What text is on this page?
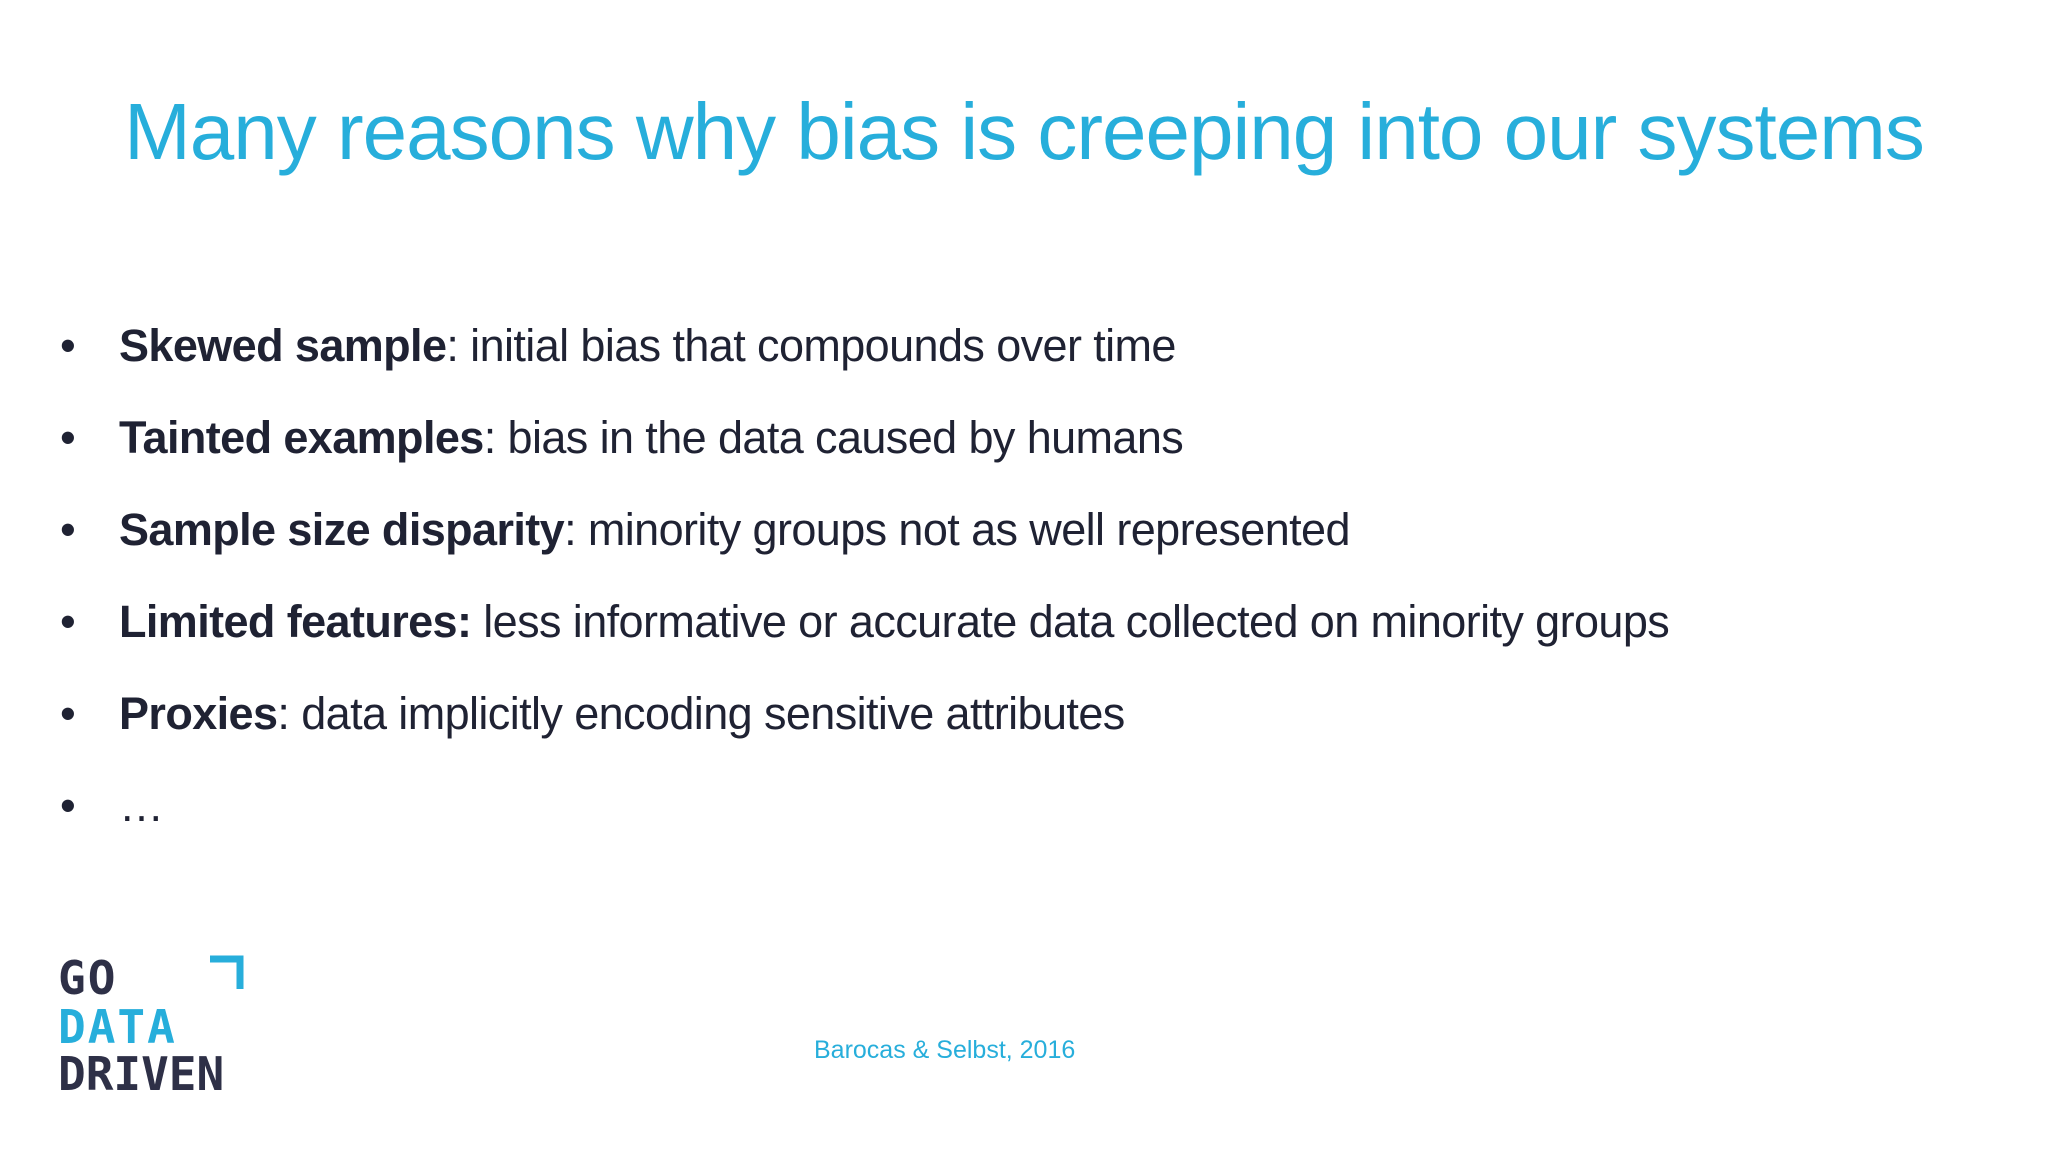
Many reasons why bias is creeping into our systems
• Skewed sample: initial bias that compounds over time
• Tainted examples: bias in the data caused by humans
• Sample size disparity: minority groups not as well represented
• Limited features: less informative or accurate data collected on minority groups
• Proxies: data implicitly encoding sensitive attributes
• …
GO
DATA
DRIVEN	Barocas & Selbst, 2016
